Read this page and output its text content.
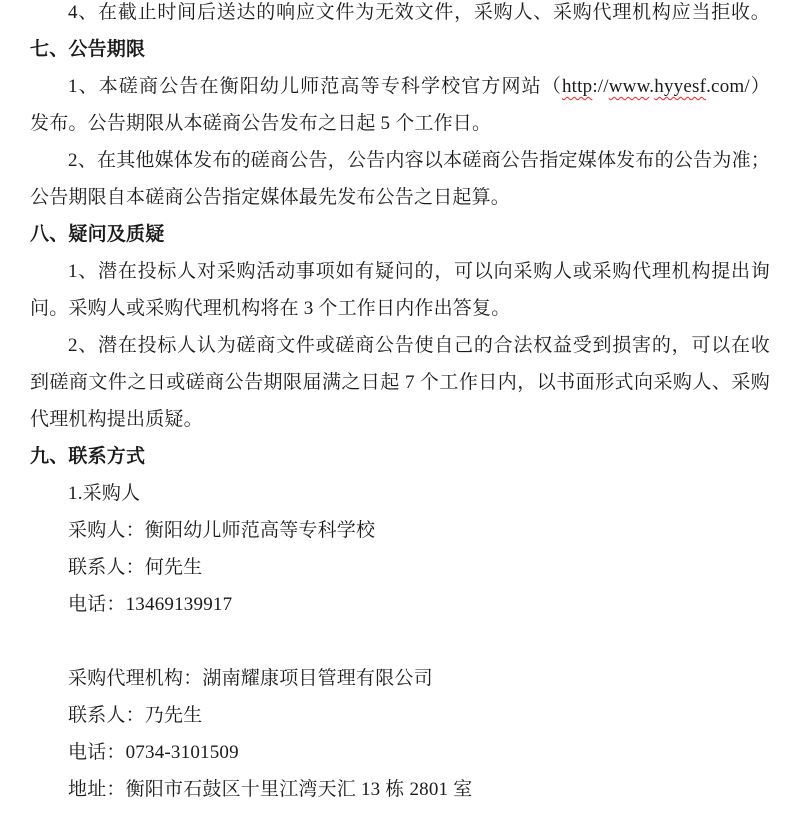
4、在截止时间后送达的响应文件为无效文件，采购人、采购代理机构应当拒收。

七、公告期限

1、本磋商公告在衡阳幼儿师范高等专科学校官方网站（http://www.hyyesf.com/）

发布。公告期限从本磋商公告发布之日起 5 个工作日。

2、在其他媒体发布的磋商公告，公告内容以本磋商公告指定媒体发布的公告为准；

公告期限自本磋商公告指定媒体最先发布公告之日起算。

八、疑问及质疑

1、潜在投标人对采购活动事项如有疑问的，可以向采购人或采购代理机构提出询

问。采购人或采购代理机构将在 3 个工作日内作出答复。

2、潜在投标人认为磋商文件或磋商公告使自己的合法权益受到损害的，可以在收

到磋商文件之日或磋商公告期限届满之日起 7 个工作日内，以书面形式向采购人、采购

代理机构提出质疑。

九、联系方式

1.采购人

采购人：衡阳幼儿师范高等专科学校

联系人：何先生

电话：13469139917

采购代理机构：湖南耀康项目管理有限公司

联系人：乃先生

电话：0734-3101509

地址：衡阳市石鼓区十里江湾天汇 13 栋 2801 室
